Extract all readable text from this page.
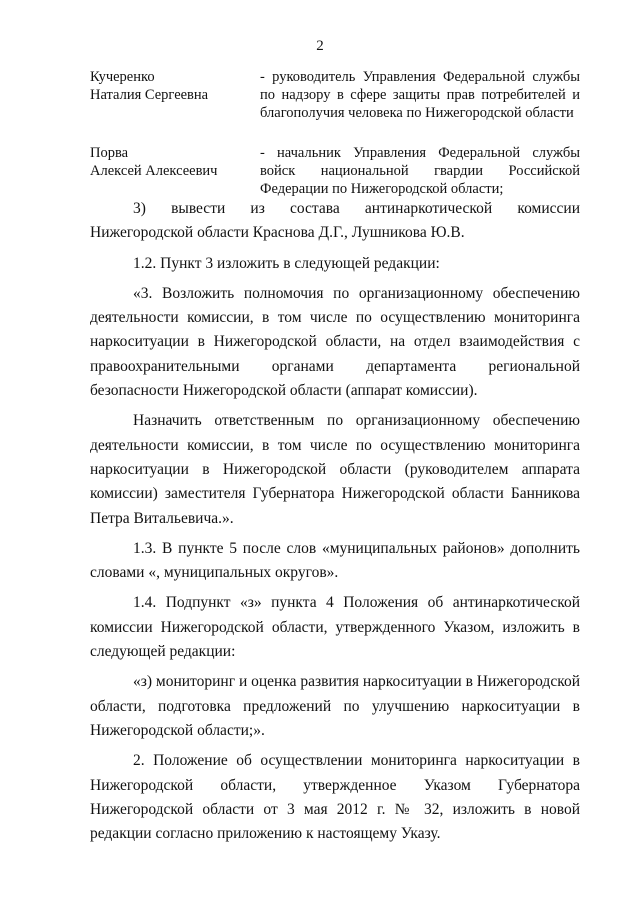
2
Кучеренко
Наталия Сергеевна
- руководитель Управления Федеральной службы по надзору в сфере защиты прав потребителей и благополучия человека по Нижегородской области
Порва
Алексей Алексеевич
- начальник Управления Федеральной службы войск национальной гвардии Российской Федерации по Нижегородской области;

3) вывести из состава антинаркотической комиссии Нижегородской области Краснова Д.Г., Лушникова Ю.В.

1.2. Пункт 3 изложить в следующей редакции:

«3. Возложить полномочия по организационному обеспечению деятельности комиссии, в том числе по осуществлению мониторинга наркоситуации в Нижегородской области, на отдел взаимодействия с правоохранительными органами департамента региональной безопасности Нижегородской области (аппарат комиссии).

Назначить ответственным по организационному обеспечению деятельности комиссии, в том числе по осуществлению мониторинга наркоситуации в Нижегородской области (руководителем аппарата комиссии) заместителя Губернатора Нижегородской области Банникова Петра Витальевича.».

1.3. В пункте 5 после слов «муниципальных районов» дополнить словами «, муниципальных округов».

1.4. Подпункт «з» пункта 4 Положения об антинаркотической комиссии Нижегородской области, утвержденного Указом, изложить в следующей редакции:

«з) мониторинг и оценка развития наркоситуации в Нижегородской области, подготовка предложений по улучшению наркоситуации в Нижегородской области;».

2. Положение об осуществлении мониторинга наркоситуации в Нижегородской области, утвержденное Указом Губернатора Нижегородской области от 3 мая 2012 г. № 32, изложить в новой редакции согласно приложению к настоящему Указу.
